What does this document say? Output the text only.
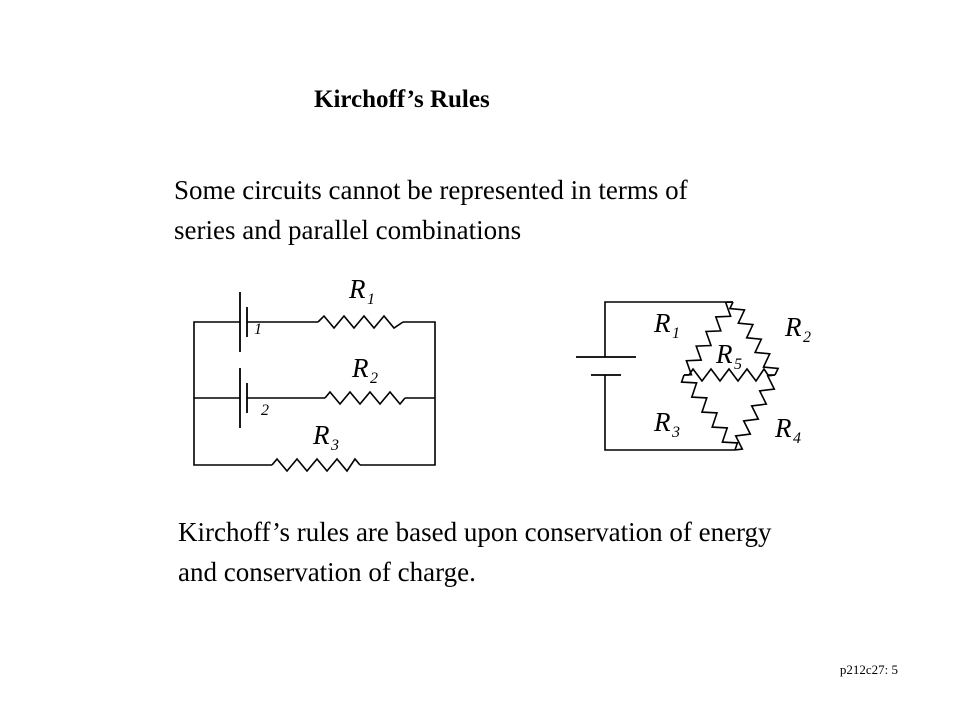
Kirchoff’s Rules
Some circuits cannot be represented in terms of
series and parallel combinations
1
2
R 1
R 2
R 3
R 1	R 2
R 5
R 3	R 4
Kirchoff’s rules are based upon conservation of energy
and conservation of charge.
p212c27: 5
